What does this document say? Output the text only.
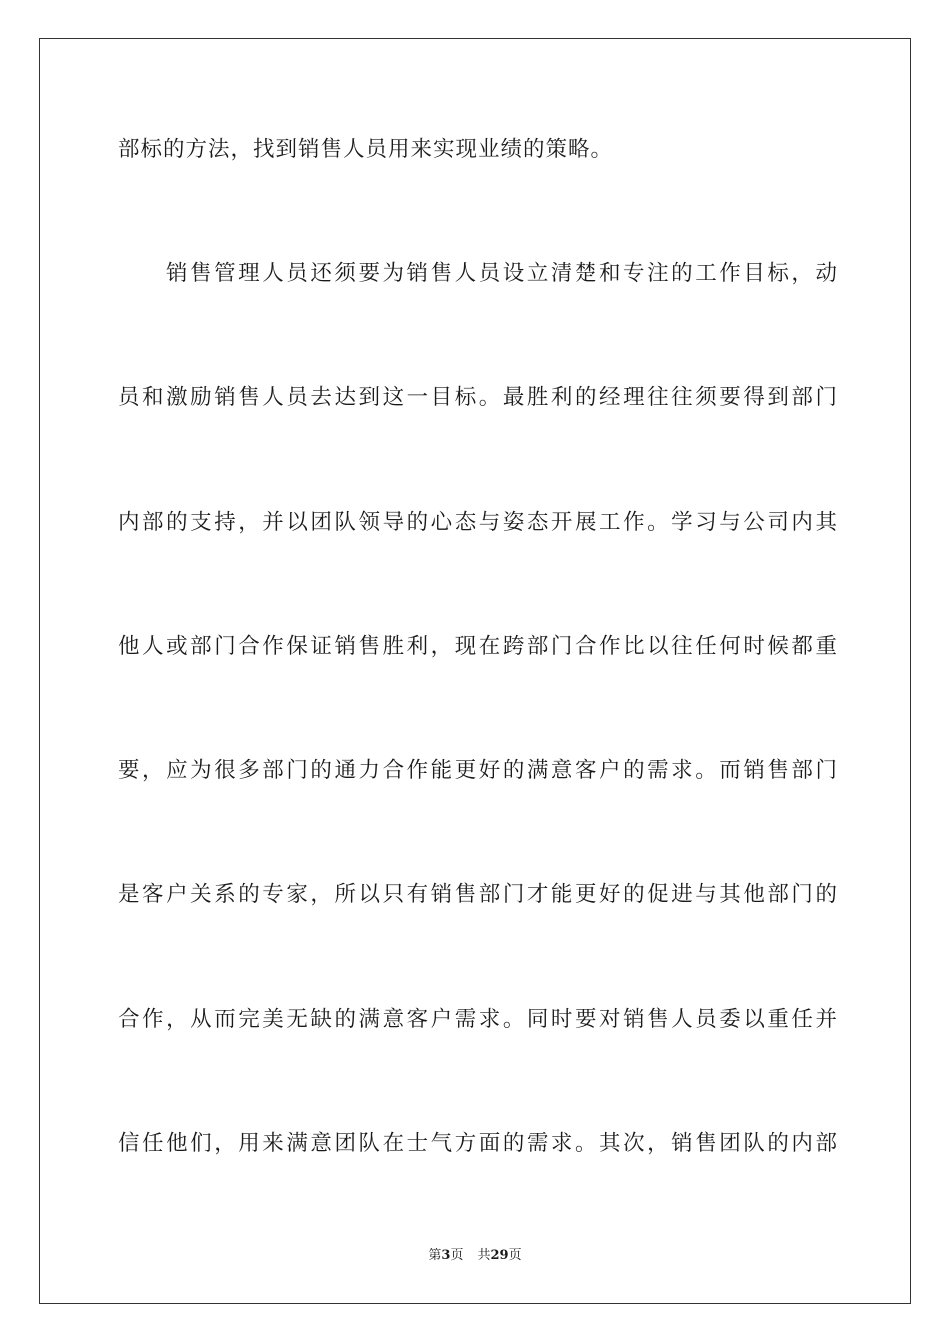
部标的方法，找到销售人员用来实现业绩的策略。
销售管理人员还须要为销售人员设立清楚和专注的工作目标，动
员和激励销售人员去达到这一目标。最胜利的经理往往须要得到部门
内部的支持，并以团队领导的心态与姿态开展工作。学习与公司内其
他人或部门合作保证销售胜利，现在跨部门合作比以往任何时候都重
要，应为很多部门的通力合作能更好的满意客户的需求。而销售部门
是客户关系的专家，所以只有销售部门才能更好的促进与其他部门的
合作，从而完美无缺的满意客户需求。同时要对销售人员委以重任并
信任他们，用来满意团队在士气方面的需求。其次，销售团队的内部
第3页 共29页
